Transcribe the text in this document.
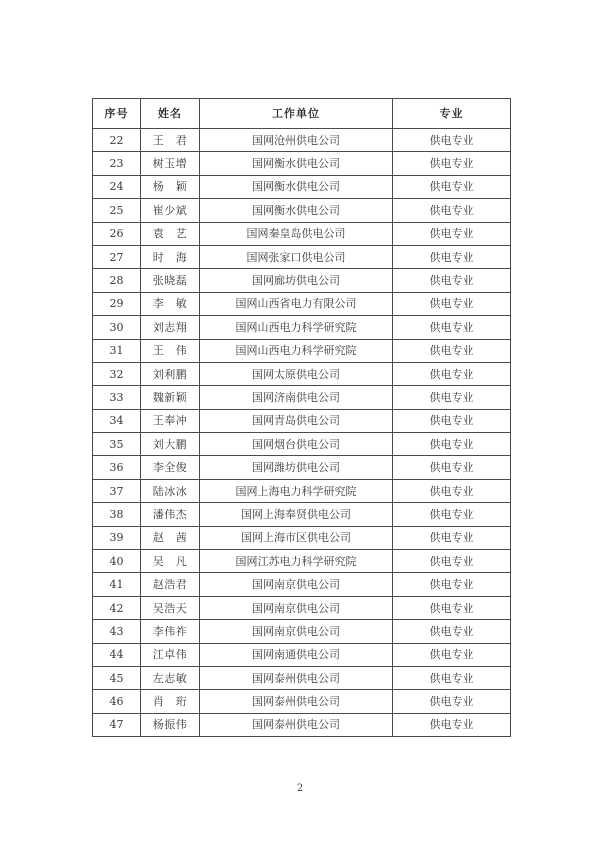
序号	姓名	工作单位	专业
22	王　君	国网沧州供电公司	供电专业
23	树玉增	国网衡水供电公司	供电专业
24	杨　颖	国网衡水供电公司	供电专业
25	崔少斌	国网衡水供电公司	供电专业
26	袁　艺	国网秦皇岛供电公司	供电专业
27	时　海	国网张家口供电公司	供电专业
28	张晓磊	国网廊坊供电公司	供电专业
29	李　敏	国网山西省电力有限公司	供电专业
30	刘志翔	国网山西电力科学研究院	供电专业
31	王　伟	国网山西电力科学研究院	供电专业
32	刘利鹏	国网太原供电公司	供电专业
33	魏新颖	国网济南供电公司	供电专业
34	王奉冲	国网青岛供电公司	供电专业
35	刘大鹏	国网烟台供电公司	供电专业
36	李全俊	国网潍坊供电公司	供电专业
37	陆冰冰	国网上海电力科学研究院	供电专业
38	潘伟杰	国网上海奉贤供电公司	供电专业
39	赵　茜	国网上海市区供电公司	供电专业
40	吴　凡	国网江苏电力科学研究院	供电专业
41	赵浩君	国网南京供电公司	供电专业
42	吴浩天	国网南京供电公司	供电专业
43	李伟祚	国网南京供电公司	供电专业
44	江卓伟	国网南通供电公司	供电专业
45	左志敏	国网泰州供电公司	供电专业
46	肖　珩	国网泰州供电公司	供电专业
47	杨振伟	国网泰州供电公司	供电专业
2
